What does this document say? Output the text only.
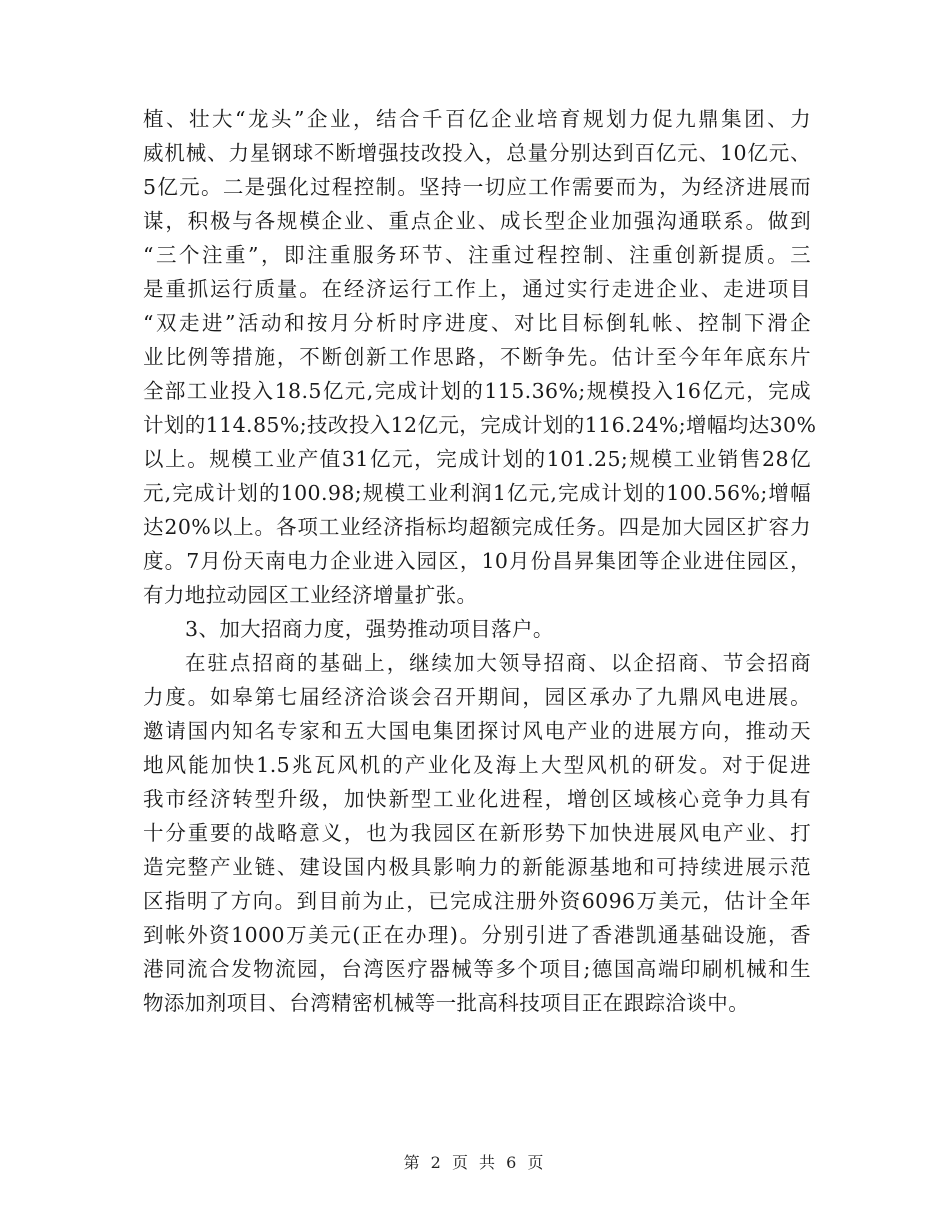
植、壮大“龙头”企业，结合千百亿企业培育规划力促九鼎集团、力
威机械、力星钢球不断增强技改投入，总量分别达到百亿元、10亿元、
5亿元。二是强化过程控制。坚持一切应工作需要而为，为经济进展而
谋，积极与各规模企业、重点企业、成长型企业加强沟通联系。做到
“三个注重”，即注重服务环节、注重过程控制、注重创新提质。三
是重抓运行质量。在经济运行工作上，通过实行走进企业、走进项目
“双走进”活动和按月分析时序进度、对比目标倒轧帐、控制下滑企
业比例等措施，不断创新工作思路，不断争先。估计至今年年底东片
全部工业投入18.5亿元,完成计划的115.36%;规模投入16亿元，完成
计划的114.85%;技改投入12亿元，完成计划的116.24%;增幅均达30%
以上。规模工业产值31亿元，完成计划的101.25;规模工业销售28亿
元,完成计划的100.98;规模工业利润1亿元,完成计划的100.56%;增幅
达20%以上。各项工业经济指标均超额完成任务。四是加大园区扩容力
度。7月份天南电力企业进入园区，10月份昌昇集团等企业进住园区，
有力地拉动园区工业经济增量扩张。
3、加大招商力度，强势推动项目落户。
在驻点招商的基础上，继续加大领导招商、以企招商、节会招商
力度。如皋第七届经济洽谈会召开期间，园区承办了九鼎风电进展。
邀请国内知名专家和五大国电集团探讨风电产业的进展方向，推动天
地风能加快1.5兆瓦风机的产业化及海上大型风机的研发。对于促进
我市经济转型升级，加快新型工业化进程，增创区域核心竞争力具有
十分重要的战略意义，也为我园区在新形势下加快进展风电产业、打
造完整产业链、建设国内极具影响力的新能源基地和可持续进展示范
区指明了方向。到目前为止，已完成注册外资6096万美元，估计全年
到帐外资1000万美元(正在办理)。分别引进了香港凯通基础设施，香
港同流合发物流园，台湾医疗器械等多个项目;德国高端印刷机械和生
物添加剂项目、台湾精密机械等一批高科技项目正在跟踪洽谈中。
第 2 页 共 6 页
